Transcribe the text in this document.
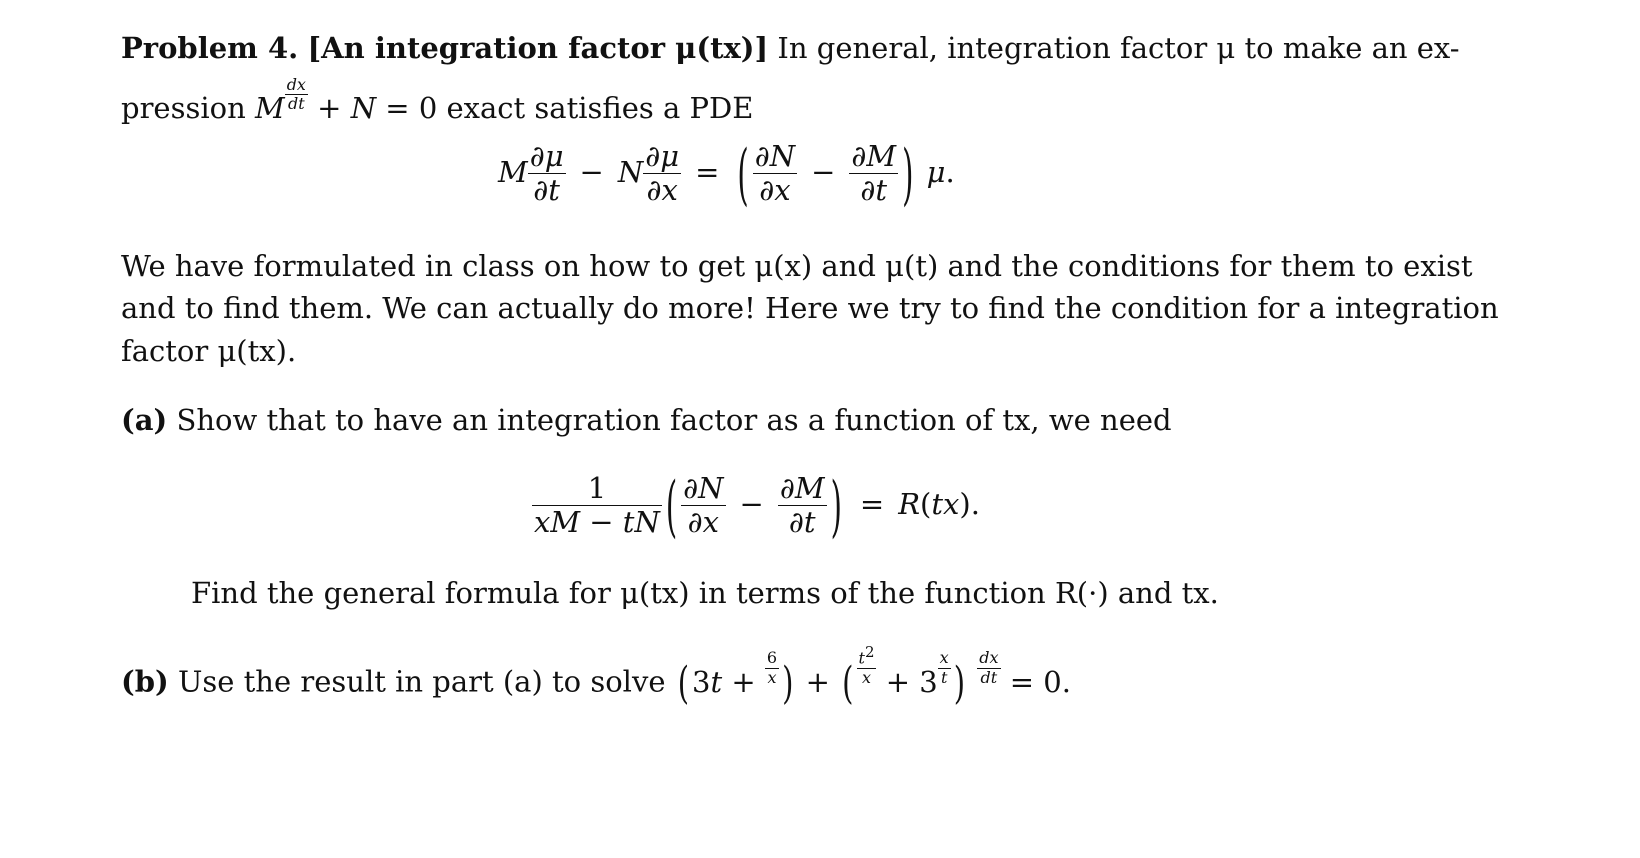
Problem 4. [An integration factor μ(tx)] In general, integration factor μ to make an ex-
pression M $\frac{dx}{dt} + N = 0$ exact satisfies a PDE
M $\frac{\partial\mu}{\partial t} - N \frac{\partial\mu}{\partial x}$ = ( $\frac{\partial N}{\partial x} - \frac{\partial M}{\partial t}$ ) μ.
We have formulated in class on how to get μ(x) and μ(t) and the conditions for them to exist
and to find them. We can actually do more! Here we try to find the condition for a integration
factor μ(tx).
(a) Show that to have an integration factor as a function of tx, we need
$\frac{1}{xM - tN}$ ( $\frac{\partial N}{\partial x} - \frac{\partial M}{\partial t}$ ) = R(tx).
Find the general formula for μ(tx) in terms of the function R(·) and tx.
(b) Use the result in part (a) to solve ( $3t + \frac{6}{x}$ ) + ( $\frac{t^2}{x} + 3 \frac{x}{t}$ ) $\frac{dx}{dt} = 0$.
